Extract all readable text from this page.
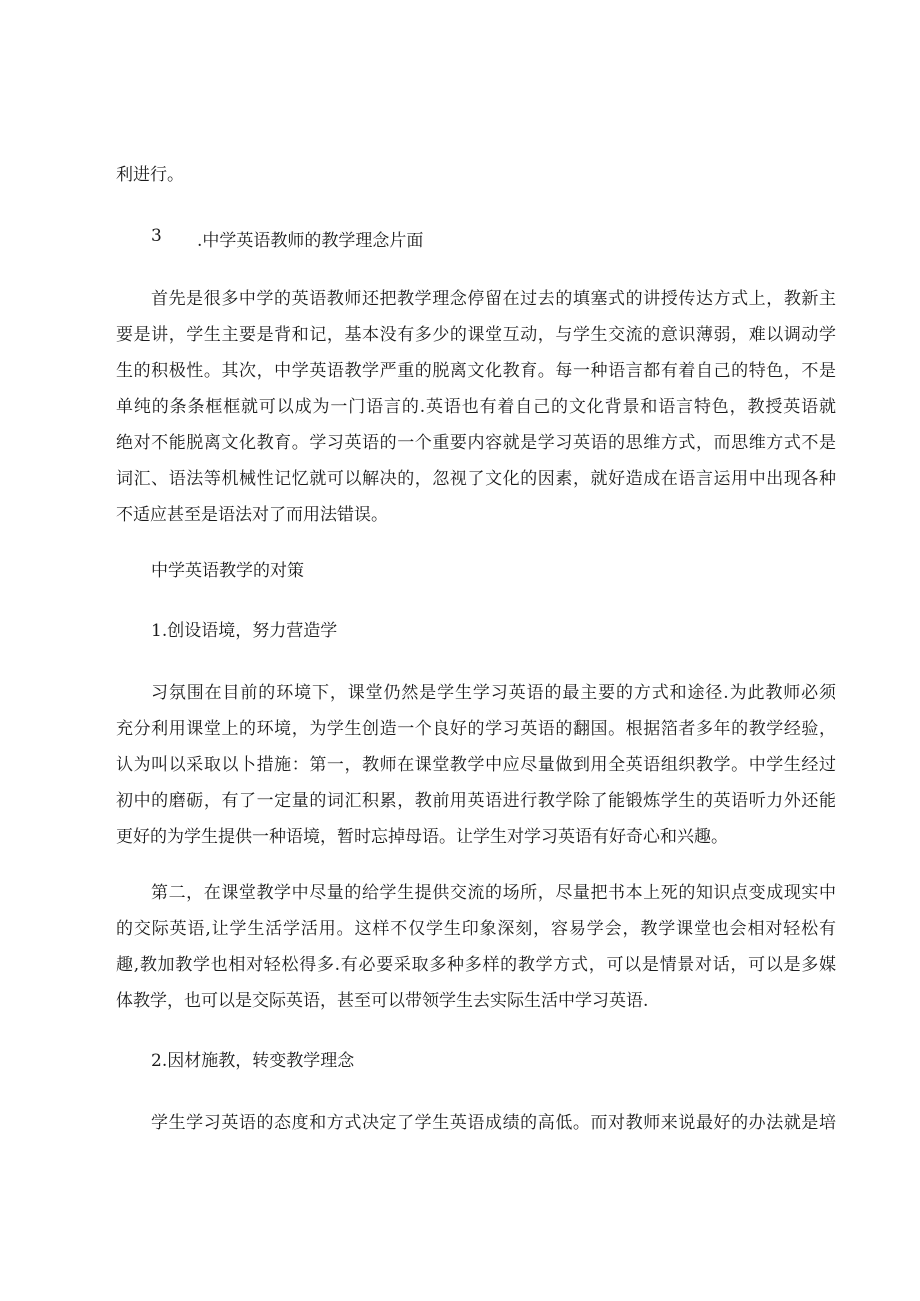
利进行。
3 .中学英语教师的教学理念片面
首先是很多中学的英语教师还把教学理念停留在过去的填塞式的讲授传达方式上，教新主
要是讲，学生主要是背和记，基本没有多少的课堂互动，与学生交流的意识薄弱，难以调动学
生的积极性。其次，中学英语教学严重的脱离文化教育。每一种语言都有着自己的特色，不是
单纯的条条框框就可以成为一门语言的.英语也有着自己的文化背景和语言特色，教授英语就
绝对不能脱离文化教育。学习英语的一个重要内容就是学习英语的思维方式，而思维方式不是
词汇、语法等机械性记忆就可以解决的，忽视了文化的因素，就好造成在语言运用中出现各种
不适应甚至是语法对了而用法错误。
中学英语教学的对策
1.创设语境，努力营造学
习氛围在目前的环境下，课堂仍然是学生学习英语的最主要的方式和途径.为此教师必须
充分利用课堂上的环境，为学生创造一个良好的学习英语的翻国。根据箔者多年的教学经验，
认为叫以采取以卜措施：第一，教师在课堂教学中应尽量做到用全英语组织教学。中学生经过
初中的磨砺，有了一定量的词汇积累，教前用英语进行教学除了能锻炼学生的英语听力外还能
更好的为学生提供一种语境，暂时忘掉母语。让学生对学习英语有好奇心和兴趣。
第二，在课堂教学中尽量的给学生提供交流的场所，尽量把书本上死的知识点变成现实中
的交际英语,让学生活学活用。这样不仅学生印象深刻，容易学会，教学课堂也会相对轻松有
趣,教加教学也相对轻松得多.有必要采取多种多样的教学方式，可以是情景对话，可以是多媒
体教学，也可以是交际英语，甚至可以带领学生去实际生活中学习英语.
2.因材施教，转变教学理念
学生学习英语的态度和方式决定了学生英语成绩的高低。而对教师来说最好的办法就是培
